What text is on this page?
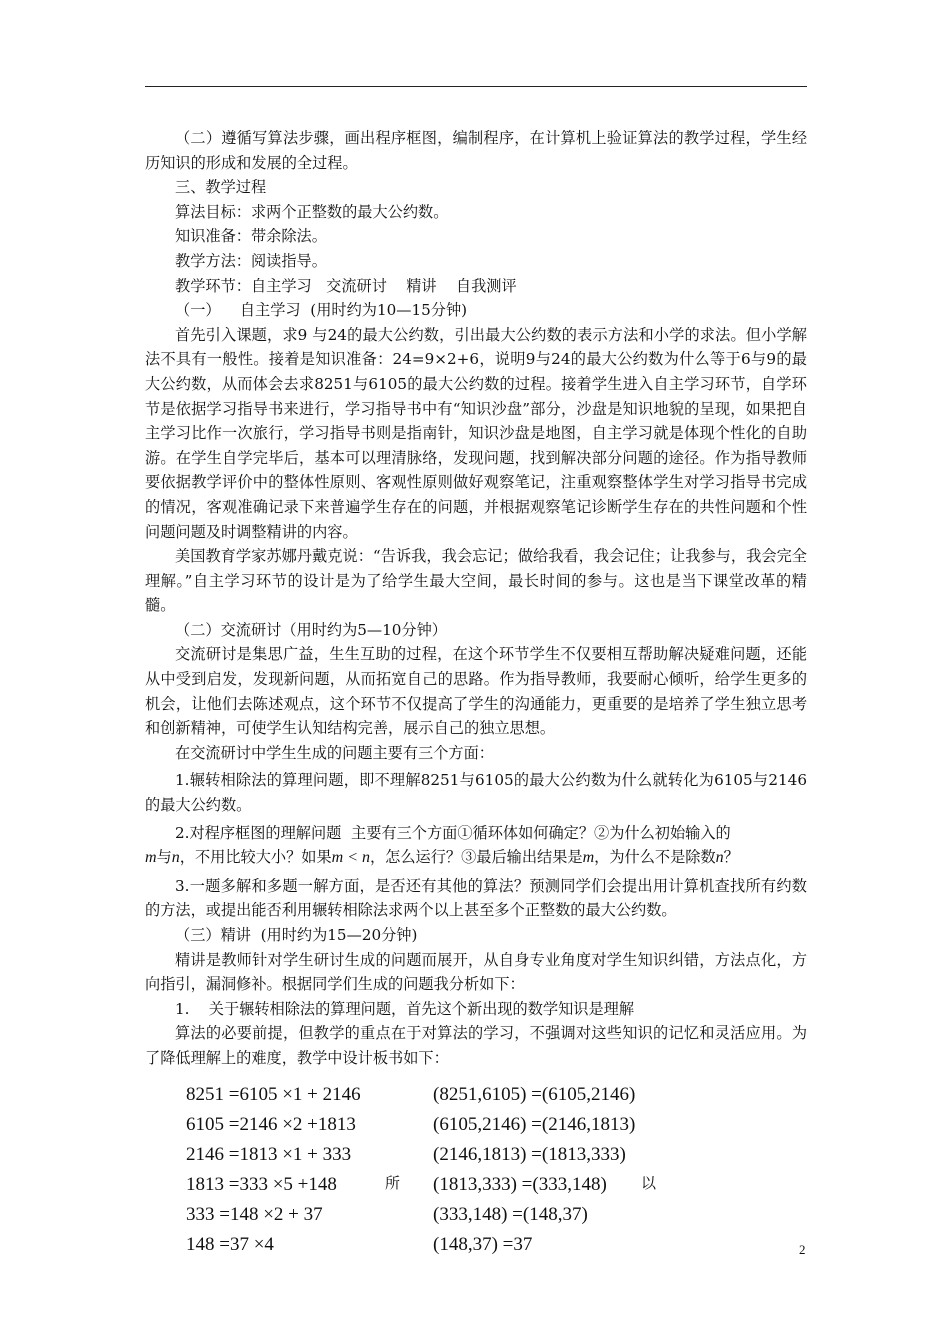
（二）遵循写算法步骤，画出程序框图，编制程序，在计算机上验证算法的教学过程，学生经历知识的形成和发展的全过程。

三、教学过程

算法目标：求两个正整数的最大公约数。

知识准备：带余除法。

教学方法：阅读指导。

教学环节：自主学习   交流研讨    精讲    自我测评

（一）    自主学习  (用时约为10—15分钟)

首先引入课题，求9 与24的最大公约数，引出最大公约数的表示方法和小学的求法。但小学解法不具有一般性。接着是知识准备：24=9×2+6，说明9与24的最大公约数为什么等于6与9的最大公约数，从而体会去求8251与6105的最大公约数的过程。接着学生进入自主学习环节，自学环节是依据学习指导书来进行，学习指导书中有“知识沙盘”部分，沙盘是知识地貌的呈现，如果把自主学习比作一次旅行，学习指导书则是指南针，知识沙盘是地图，自主学习就是体现个性化的自助游。在学生自学完毕后，基本可以理清脉络，发现问题，找到解决部分问题的途径。作为指导教师要依据教学评价中的整体性原则、客观性原则做好观察笔记，注重观察整体学生对学习指导书完成的情况，客观准确记录下来普遍学生存在的问题，并根据观察笔记诊断学生存在的共性问题和个性问题问题及时调整精讲的内容。

美国教育学家苏娜丹戴克说：“告诉我，我会忘记；做给我看，我会记住；让我参与，我会完全理解。”自主学习环节的设计是为了给学生最大空间，最长时间的参与。这也是当下课堂改革的精髓。

（二）交流研讨（用时约为5—10分钟）

交流研讨是集思广益，生生互助的过程，在这个环节学生不仅要相互帮助解决疑难问题，还能从中受到启发，发现新问题，从而拓宽自己的思路。作为指导教师，我要耐心倾听，给学生更多的机会，让他们去陈述观点，这个环节不仅提高了学生的沟通能力，更重要的是培养了学生独立思考和创新精神，可使学生认知结构完善，展示自己的独立思想。

在交流研讨中学生生成的问题主要有三个方面：

1.辗转相除法的算理问题，即不理解8251与6105的最大公约数为什么就转化为6105与2146的最大公约数。

2.对程序框图的理解问题  主要有三个方面①循环体如何确定？②为什么初始输入的

m与n，不用比较大小？如果m < n，怎么运行？③最后输出结果是m，为什么不是除数n？

3.一题多解和多题一解方面，是否还有其他的算法？预测同学们会提出用计算机查找所有约数的方法，或提出能否利用辗转相除法求两个以上甚至多个正整数的最大公约数。

（三）精讲  (用时约为15—20分钟)

精讲是教师针对学生研讨生成的问题而展开，从自身专业角度对学生知识纠错，方法点化，方向指引，漏洞修补。根据同学们生成的问题我分析如下：

1.    关于辗转相除法的算理问题，首先这个新出现的数学知识是理解

算法的必要前提，但教学的重点在于对算法的学习，不强调对这些知识的记忆和灵活应用。为了降低理解上的难度，教学中设计板书如下：

8251 =6105 ×1 + 2146
6105 =2146 ×2 +1813
2146 =1813 ×1 + 333
1813 =333 ×5 +148
333 =148 ×2 + 37
148 =37 ×4
(8251,6105) =(6105,2146)
(6105,2146) =(2146,1813)
(2146,1813) =(1813,333)
(1813,333) =(333,148)
(333,148) =(148,37)
(148,37) =37
所	以
2
